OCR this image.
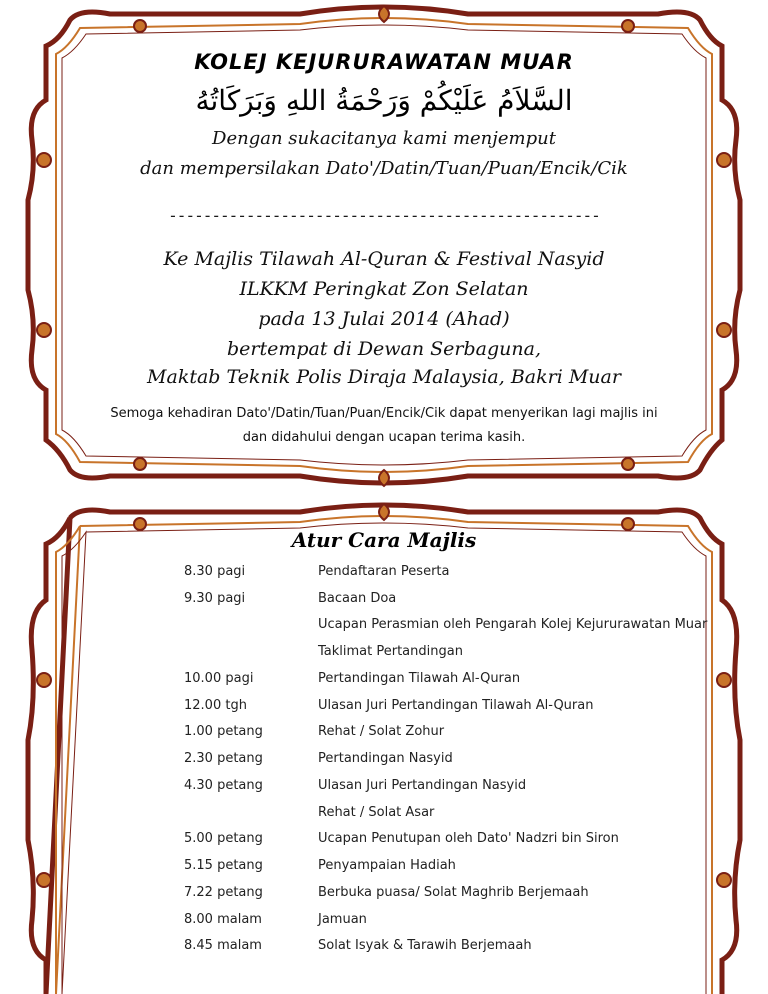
KOLEJ KEJURURAWATAN MUAR
السَّلاَمُ عَلَيْكُمْ وَرَحْمَةُ اللهِ وَبَرَكَاتُهُ
Dengan sukacitanya kami menjemput
dan mempersilakan Dato'/Datin/Tuan/Puan/Encik/Cik
--------------------------------------------------
Ke Majlis Tilawah Al-Quran & Festival Nasyid
ILKKM Peringkat Zon Selatan
pada 13 Julai 2014 (Ahad)
bertempat di Dewan Serbaguna,
Maktab Teknik Polis Diraja Malaysia, Bakri Muar
Semoga kehadiran Dato'/Datin/Tuan/Puan/Encik/Cik dapat menyerikan lagi majlis ini
dan didahului dengan ucapan terima kasih.
Atur Cara Majlis
8.30 pagi	Pendaftaran Peserta
9.30 pagi	Bacaan Doa
Ucapan Perasmian oleh Pengarah Kolej Kejururawatan Muar
Taklimat Pertandingan
10.00 pagi	Pertandingan Tilawah Al-Quran
12.00 tgh	Ulasan Juri Pertandingan Tilawah Al-Quran
1.00 petang	Rehat / Solat Zohur
2.30 petang	Pertandingan Nasyid
4.30 petang	Ulasan Juri Pertandingan Nasyid
Rehat / Solat Asar
5.00 petang	Ucapan Penutupan oleh Dato' Nadzri bin Siron
5.15 petang	Penyampaian Hadiah
7.22 petang	Berbuka puasa/ Solat Maghrib Berjemaah
8.00 malam	Jamuan
8.45 malam	Solat Isyak & Tarawih Berjemaah
